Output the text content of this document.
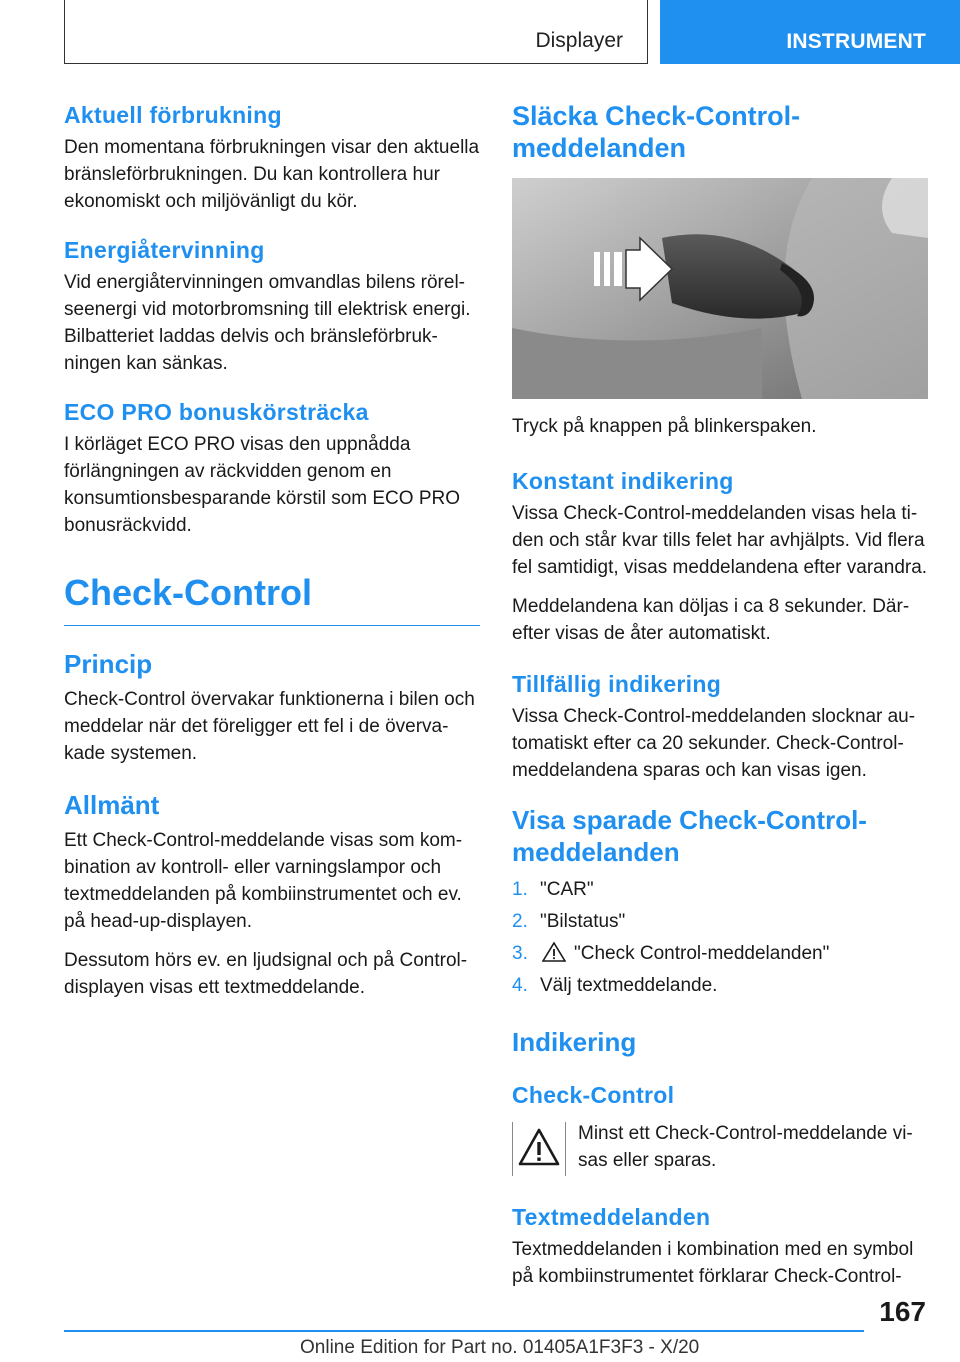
Displayer	INSTRUMENT
Aktuell förbrukning

Den momentana förbrukningen visar den aktuella bränsleförbrukningen. Du kan kontrollera hur ekonomiskt och miljövänligt du kör.

Energiåtervinning

Vid energiåtervinningen omvandlas bilens rörelseenergi vid motorbromsning till elektrisk energi. Bilbatteriet laddas delvis och bränsleförbrukningen kan sänkas.

ECO PRO bonuskörsträcka

I körläget ECO PRO visas den uppnådda förlängningen av räckvidden genom en konsumtionsbesparande körstil som ECO PRO bonusräckvidd.

Check-Control
Princip

Check-Control övervakar funktionerna i bilen och meddelar när det föreligger ett fel i de övervakade systemen.

Allmänt

Ett Check-Control-meddelande visas som kombination av kontroll- eller varningslampor och textmeddelanden på kombiinstrumentet och ev. på head-up-displayen.

Dessutom hörs ev. en ljudsignal och på Control-displayen visas ett textmeddelande.

Släcka Check-Control-meddelanden

Tryck på knappen på blinkerspaken.

Konstant indikering

Vissa Check-Control-meddelanden visas hela tiden och står kvar tills felet har avhjälpts. Vid flera fel samtidigt, visas meddelandena efter varandra.

Meddelandena kan döljas i ca 8 sekunder. Därefter visas de åter automatiskt.

Tillfällig indikering

Vissa Check-Control-meddelanden slocknar automatiskt efter ca 20 sekunder. Check-Control-meddelandena sparas och kan visas igen.

Visa sparade Check-Control-meddelanden
1. "CAR"
2. "Bilstatus"
3. "Check Control-meddelanden"
4. Välj textmeddelande.
Indikering
Check-Control
Minst ett Check-Control-meddelande visas eller sparas.
Textmeddelanden

Textmeddelanden i kombination med en symbol på kombiinstrumentet förklarar Check-Control-

167
Online Edition for Part no. 01405A1F3F3 - X/20
